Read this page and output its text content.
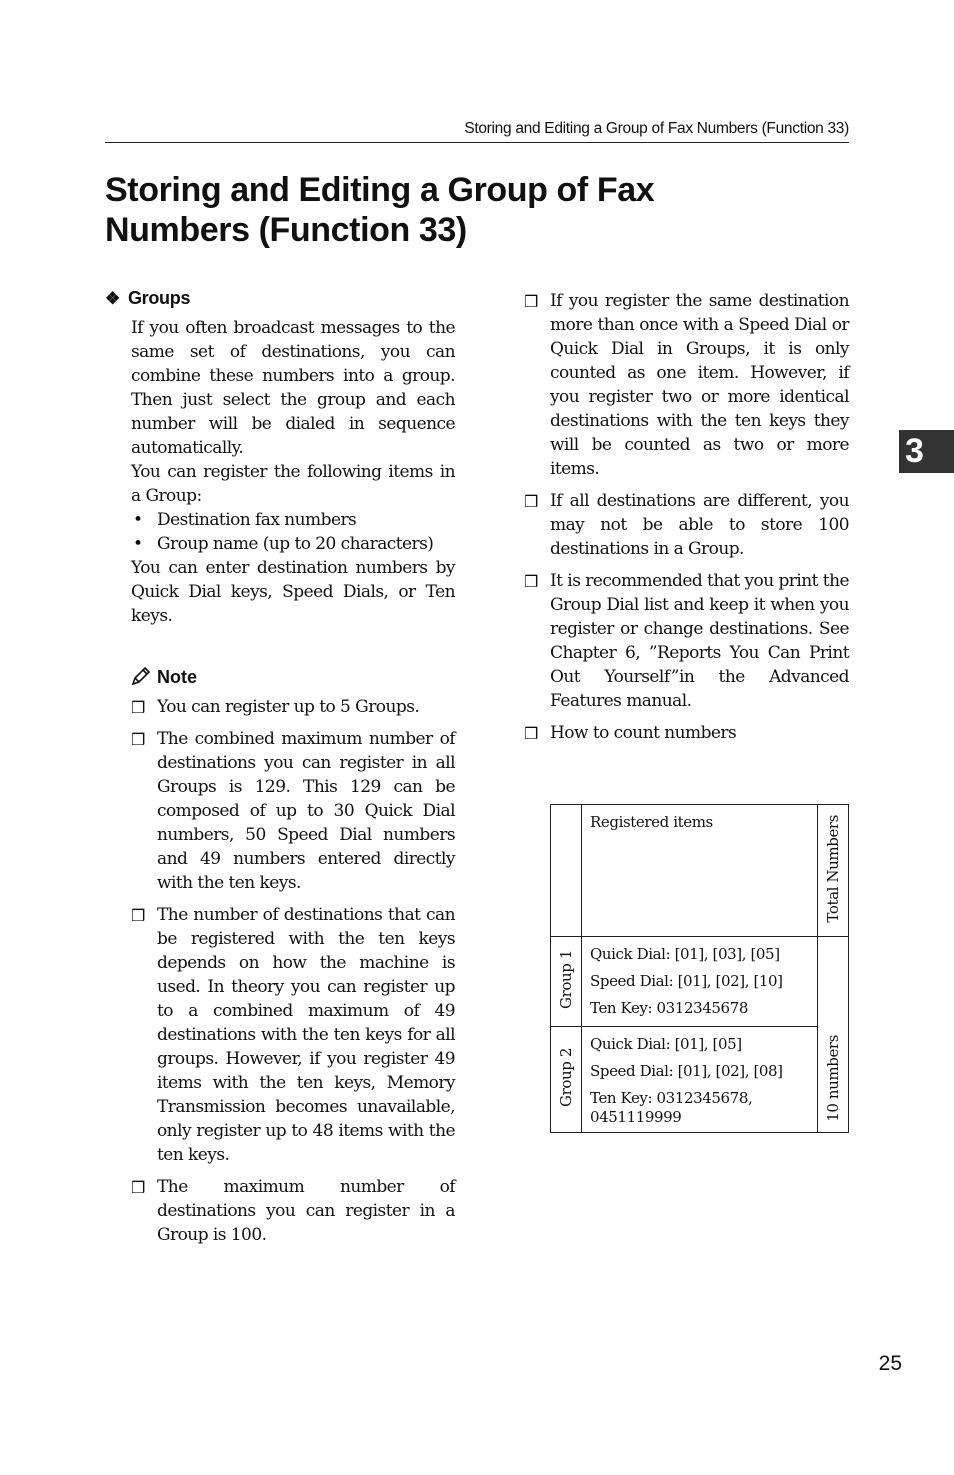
Storing and Editing a Group of Fax Numbers (Function 33)
Storing and Editing a Group of Fax
Numbers (Function 33)
3
❖ Groups

If you often broadcast messages to the same set of destinations, you can combine these numbers into a group. Then just select the group and each number will be dialed in sequence automatically.

You can register the following items in a Group:

• Destination fax numbers
• Group name (up to 20 characters)

You can enter destination numbers by Quick Dial keys, Speed Dials, or Ten keys.

Note
❒ You can register up to 5 Groups.
❒ The combined maximum number of destinations you can register in all Groups is 129. This 129 can be composed of up to 30 Quick Dial numbers, 50 Speed Dial numbers and 49 numbers entered directly with the ten keys.
❒ The number of destinations that can be registered with the ten keys depends on how the machine is used. In theory you can register up to a combined maximum of 49 destinations with the ten keys for all groups. However, if you register 49 items with the ten keys, Memory Transmission becomes unavailable, only register up to 48 items with the ten keys.
❒ The maximum number of destinations you can register in a Group is 100.
❒ If you register the same destination more than once with a Speed Dial or Quick Dial in Groups, it is only counted as one item. However, if you register two or more identical destinations with the ten keys they will be counted as two or more items.
❒ If all destinations are different, you may not be able to store 100 destinations in a Group.
❒ It is recommended that you print the Group Dial list and keep it when you register or change destinations. See Chapter 6, ”Reports You Can Print Out Yourself”in the Advanced Features manual.
❒ How to count numbers

	Registered items	Total Numbers
Group 1	Quick Dial: [01], [03], [05]
Speed Dial: [01], [02], [10]
Ten Key: 0312345678	10 numbers
Group 2	Quick Dial: [01], [05]
Speed Dial: [01], [02], [08]
Ten Key: 0312345678, 0451119999	
25
